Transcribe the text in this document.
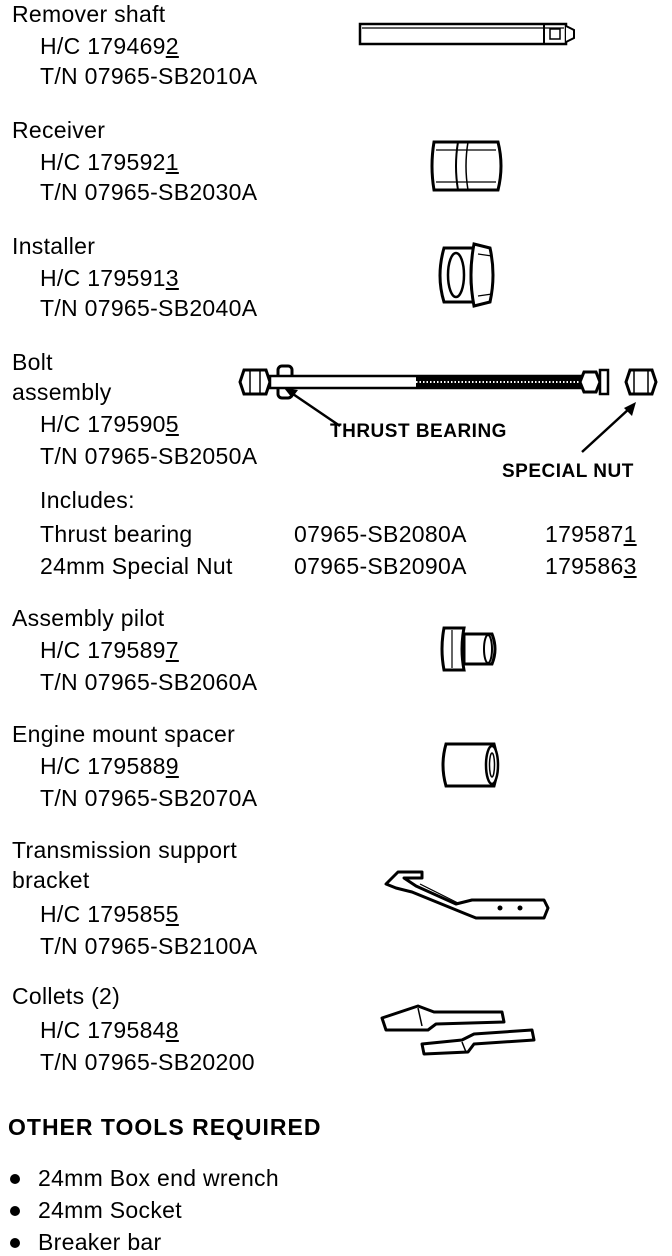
Remover shaft
H/C 1794692
T/N 07965-SB2010A
Receiver
H/C 1795921
T/N 07965-SB2030A
Installer
H/C 1795913
T/N 07965-SB2040A
Bolt
assembly
H/C 1795905
T/N 07965-SB2050A
THRUST BEARING
SPECIAL NUT
Includes:
Thrust bearing	07965-SB2080A	1795871
24mm Special Nut	07965-SB2090A	1795863
Assembly pilot
H/C 1795897
T/N 07965-SB2060A
Engine mount spacer
H/C 1795889
T/N 07965-SB2070A
Transmission support
bracket
H/C 1795855
T/N 07965-SB2100A
Collets (2)
H/C 1795848
T/N 07965-SB20200
OTHER TOOLS REQUIRED
24mm Box end wrench
24mm Socket
Breaker bar
